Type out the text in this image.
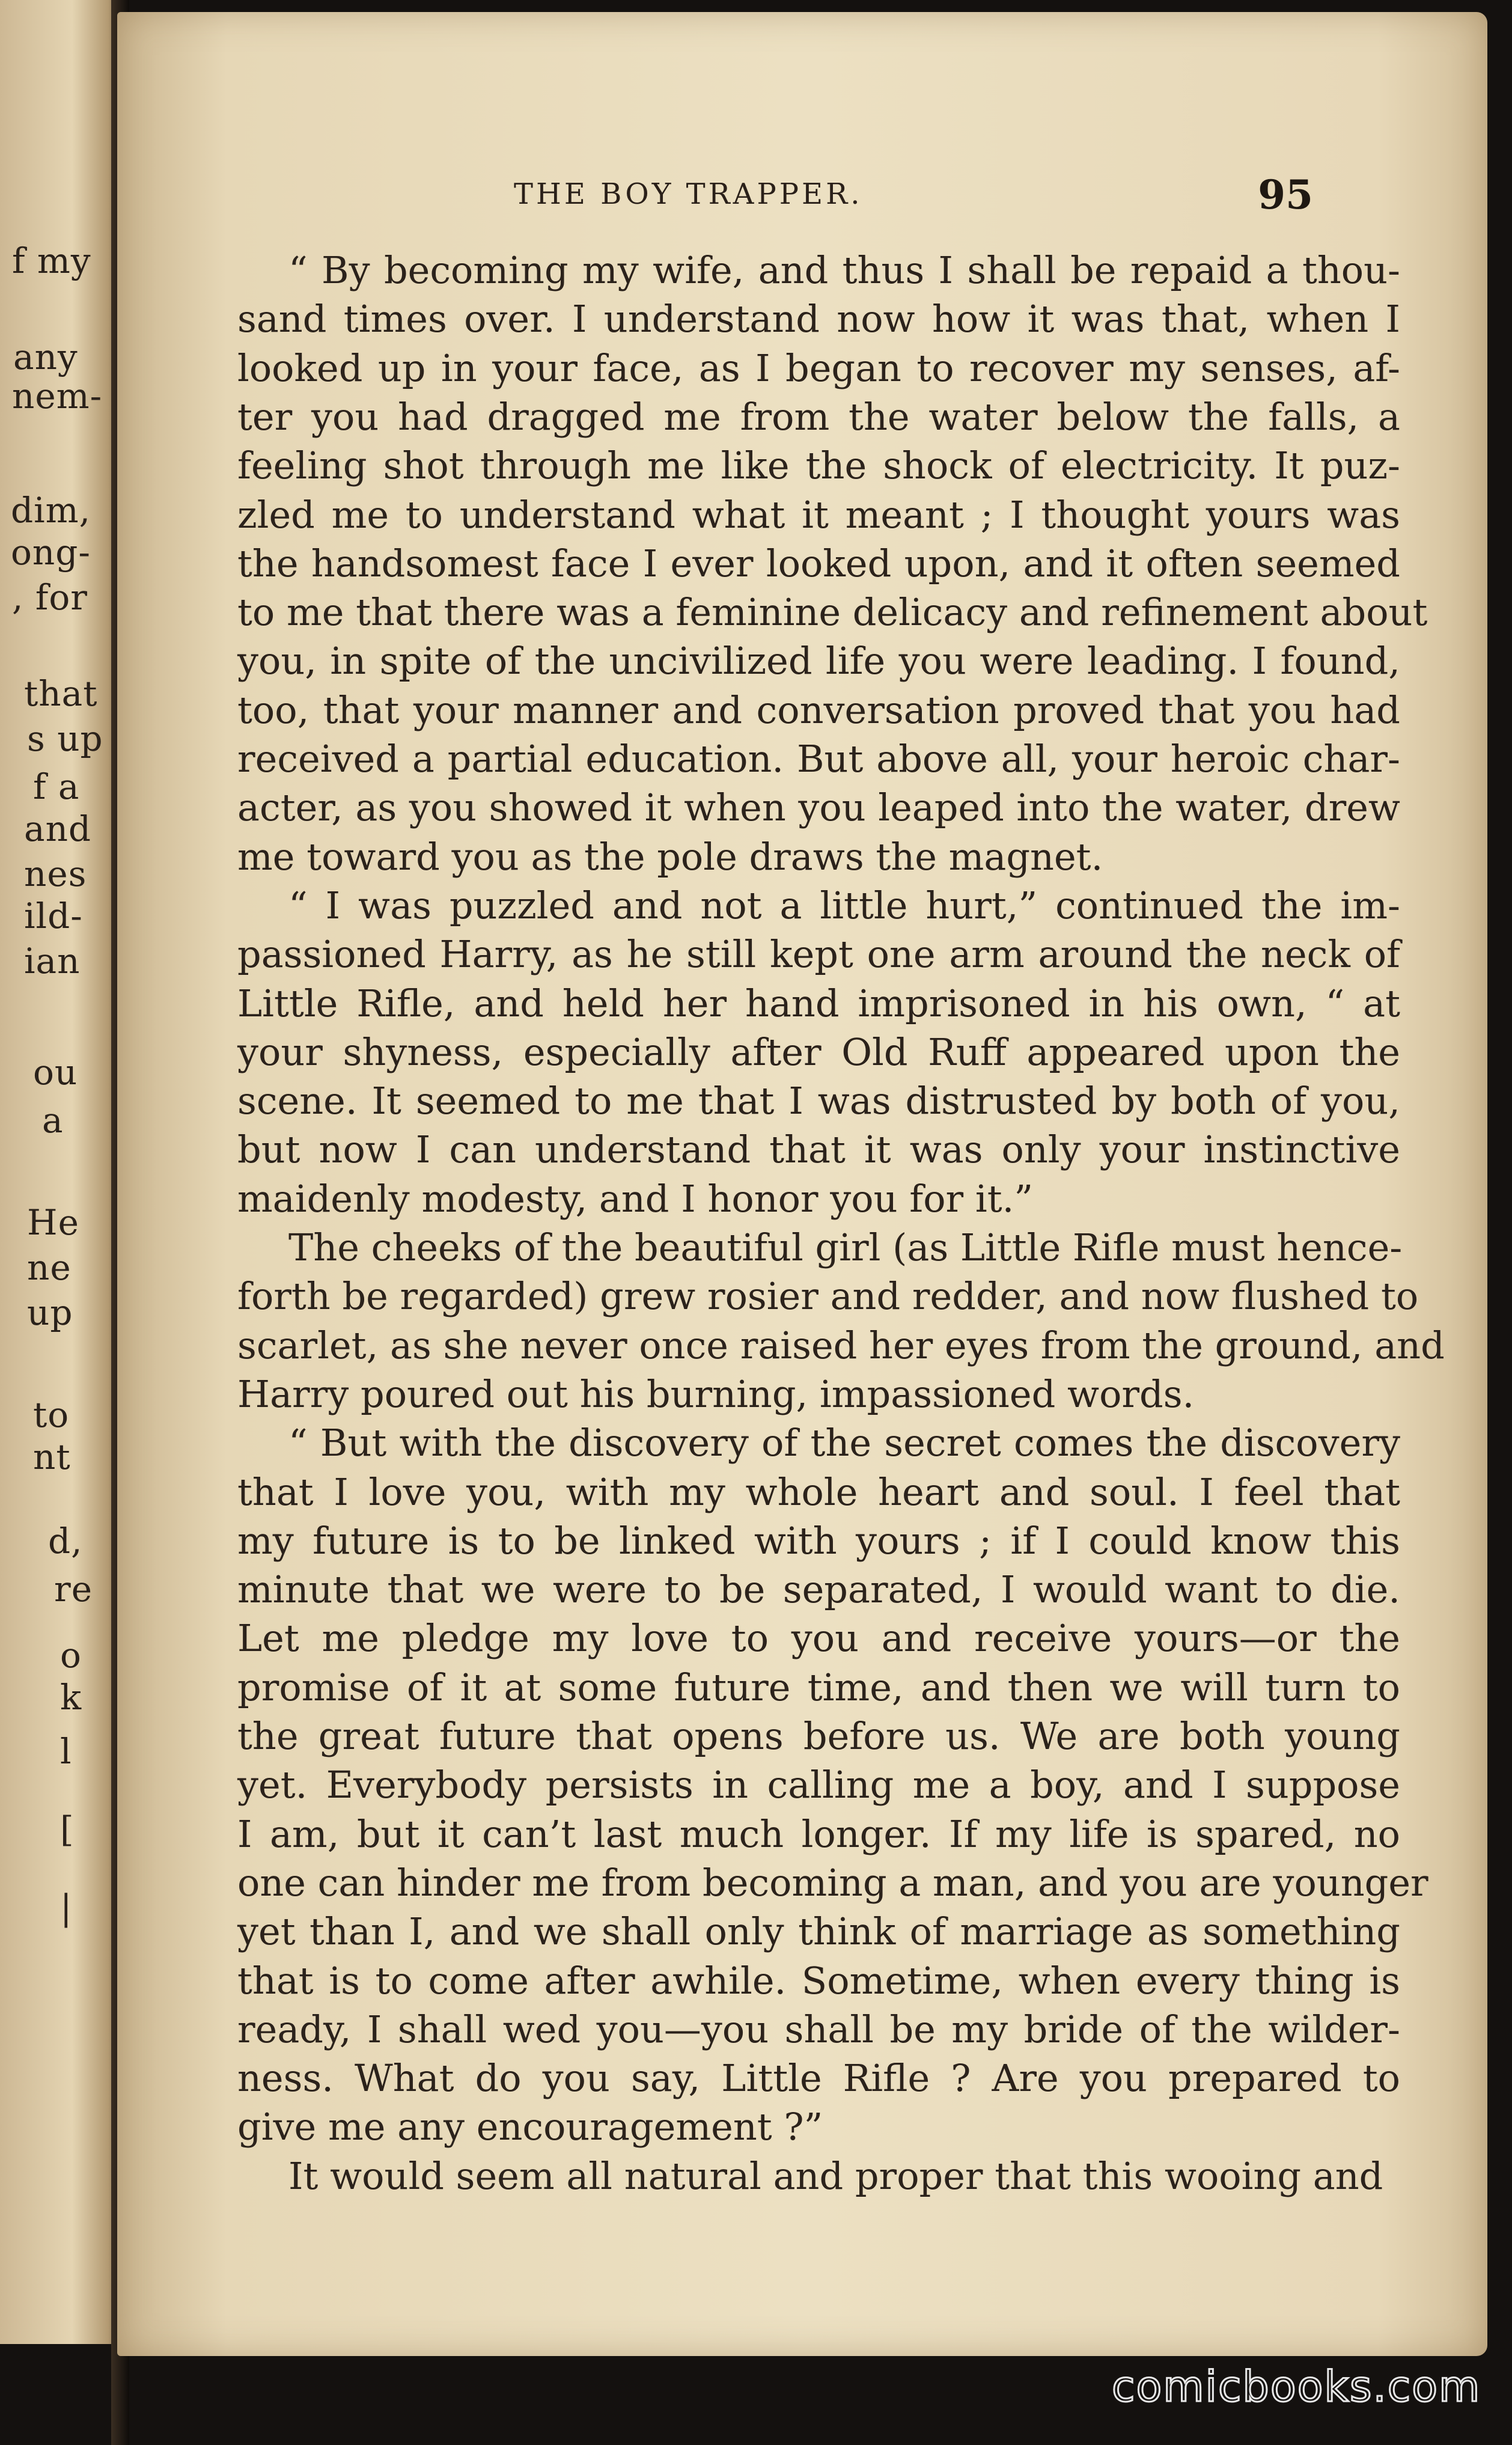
f my
any
nem-
dim,
ong-
, for
that
s up
f a
and
nes
ild-
ian
ou
a
He
ne
up
to
nt
d,
re
o
k
l
[
|
THE BOY TRAPPER.	95
“ By becoming my wife, and thus I shall be repaid a thou-
sand times over. I understand now how it was that, when I
looked up in your face, as I began to recover my senses, af-
ter you had dragged me from the water below the falls, a
feeling shot through me like the shock of electricity. It puz-
zled me to understand what it meant ; I thought yours was
the handsomest face I ever looked upon, and it often seemed
to me that there was a feminine delicacy and refinement about
you, in spite of the uncivilized life you were leading. I found,
too, that your manner and conversation proved that you had
received a partial education. But above all, your heroic char-
acter, as you showed it when you leaped into the water, drew
me toward you as the pole draws the magnet.
“ I was puzzled and not a little hurt,” continued the im-
passioned Harry, as he still kept one arm around the neck of
Little Rifle, and held her hand imprisoned in his own, “ at
your shyness, especially after Old Ruff appeared upon the
scene. It seemed to me that I was distrusted by both of you,
but now I can understand that it was only your instinctive
maidenly modesty, and I honor you for it.”
The cheeks of the beautiful girl (as Little Rifle must hence-
forth be regarded) grew rosier and redder, and now flushed to
scarlet, as she never once raised her eyes from the ground, and
Harry poured out his burning, impassioned words.
“ But with the discovery of the secret comes the discovery
that I love you, with my whole heart and soul. I feel that
my future is to be linked with yours ; if I could know this
minute that we were to be separated, I would want to die.
Let me pledge my love to you and receive yours—or the
promise of it at some future time, and then we will turn to
the great future that opens before us. We are both young
yet. Everybody persists in calling me a boy, and I suppose
I am, but it can’t last much longer. If my life is spared, no
one can hinder me from becoming a man, and you are younger
yet than I, and we shall only think of marriage as something
that is to come after awhile. Sometime, when every thing is
ready, I shall wed you—you shall be my bride of the wilder-
ness. What do you say, Little Rifle ? Are you prepared to
give me any encouragement ?”
It would seem all natural and proper that this wooing and
comicbooks.com
